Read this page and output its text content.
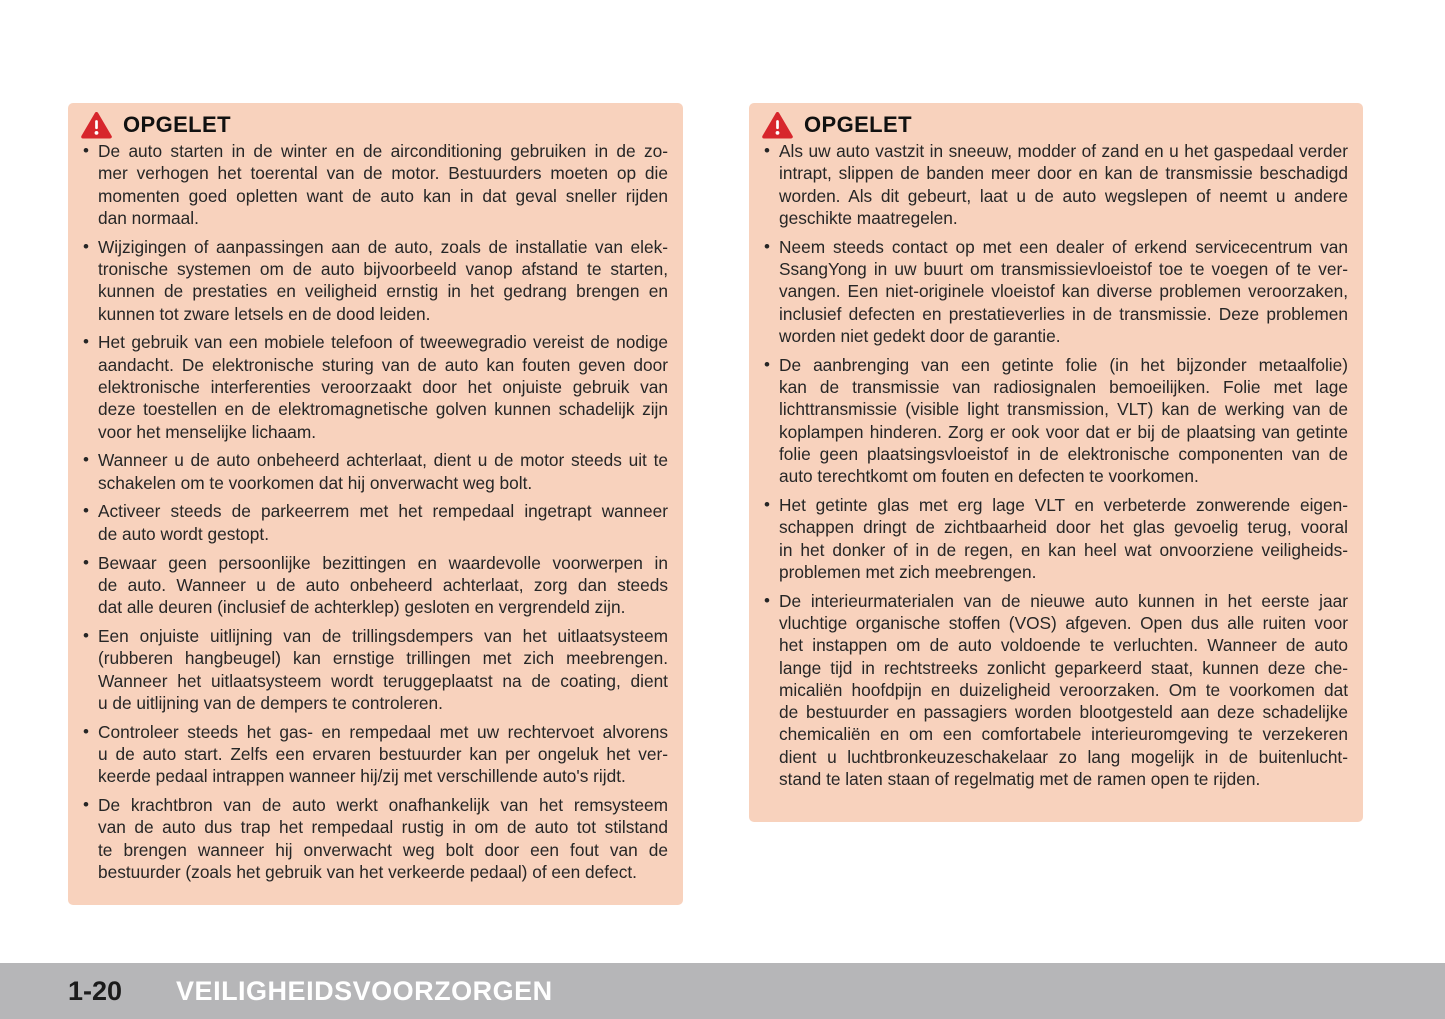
OPGELET
• De auto starten in de winter en de airconditioning gebruiken in de zo-
mer verhogen het toerental van de motor. Bestuurders moeten op die
momenten goed opletten want de auto kan in dat geval sneller rijden
dan normaal.
• Wijzigingen of aanpassingen aan de auto, zoals de installatie van elek-
tronische systemen om de auto bijvoorbeeld vanop afstand te starten,
kunnen de prestaties en veiligheid ernstig in het gedrang brengen en
kunnen tot zware letsels en de dood leiden.
• Het gebruik van een mobiele telefoon of tweewegradio vereist de nodige
aandacht. De elektronische sturing van de auto kan fouten geven door
elektronische interferenties veroorzaakt door het onjuiste gebruik van
deze toestellen en de elektromagnetische golven kunnen schadelijk zijn
voor het menselijke lichaam.
• Wanneer u de auto onbeheerd achterlaat, dient u de motor steeds uit te
schakelen om te voorkomen dat hij onverwacht weg bolt.
• Activeer steeds de parkeerrem met het rempedaal ingetrapt wanneer
de auto wordt gestopt.
• Bewaar geen persoonlijke bezittingen en waardevolle voorwerpen in
de auto. Wanneer u de auto onbeheerd achterlaat, zorg dan steeds
dat alle deuren (inclusief de achterklep) gesloten en vergrendeld zijn.
• Een onjuiste uitlijning van de trillingsdempers van het uitlaatsysteem
(rubberen hangbeugel) kan ernstige trillingen met zich meebrengen.
Wanneer het uitlaatsysteem wordt teruggeplaatst na de coating, dient
u de uitlijning van de dempers te controleren.
• Controleer steeds het gas- en rempedaal met uw rechtervoet alvorens
u de auto start. Zelfs een ervaren bestuurder kan per ongeluk het ver-
keerde pedaal intrappen wanneer hij/zij met verschillende auto's rijdt.
• De krachtbron van de auto werkt onafhankelijk van het remsysteem
van de auto dus trap het rempedaal rustig in om de auto tot stilstand
te brengen wanneer hij onverwacht weg bolt door een fout van de
bestuurder (zoals het gebruik van het verkeerde pedaal) of een defect.
OPGELET
• Als uw auto vastzit in sneeuw, modder of zand en u het gaspedaal verder
intrapt, slippen de banden meer door en kan de transmissie beschadigd
worden. Als dit gebeurt, laat u de auto wegslepen of neemt u andere
geschikte maatregelen.
• Neem steeds contact op met een dealer of erkend servicecentrum van
SsangYong in uw buurt om transmissievloeistof toe te voegen of te ver-
vangen. Een niet-originele vloeistof kan diverse problemen veroorzaken,
inclusief defecten en prestatieverlies in de transmissie. Deze problemen
worden niet gedekt door de garantie.
• De aanbrenging van een getinte folie (in het bijzonder metaalfolie)
kan de transmissie van radiosignalen bemoeilijken. Folie met lage
lichttransmissie (visible light transmission, VLT) kan de werking van de
koplampen hinderen. Zorg er ook voor dat er bij de plaatsing van getinte
folie geen plaatsingsvloeistof in de elektronische componenten van de
auto terechtkomt om fouten en defecten te voorkomen.
• Het getinte glas met erg lage VLT en verbeterde zonwerende eigen-
schappen dringt de zichtbaarheid door het glas gevoelig terug, vooral
in het donker of in de regen, en kan heel wat onvoorziene veiligheids-
problemen met zich meebrengen.
• De interieurmaterialen van de nieuwe auto kunnen in het eerste jaar
vluchtige organische stoffen (VOS) afgeven. Open dus alle ruiten voor
het instappen om de auto voldoende te verluchten. Wanneer de auto
lange tijd in rechtstreeks zonlicht geparkeerd staat, kunnen deze che-
micaliën hoofdpijn en duizeligheid veroorzaken. Om te voorkomen dat
de bestuurder en passagiers worden blootgesteld aan deze schadelijke
chemicaliën en om een comfortabele interieuromgeving te verzekeren
dient u luchtbronkeuzeschakelaar zo lang mogelijk in de buitenlucht-
stand te laten staan of regelmatig met de ramen open te rijden.
1-20 VEILIGHEIDSVOORZORGEN
